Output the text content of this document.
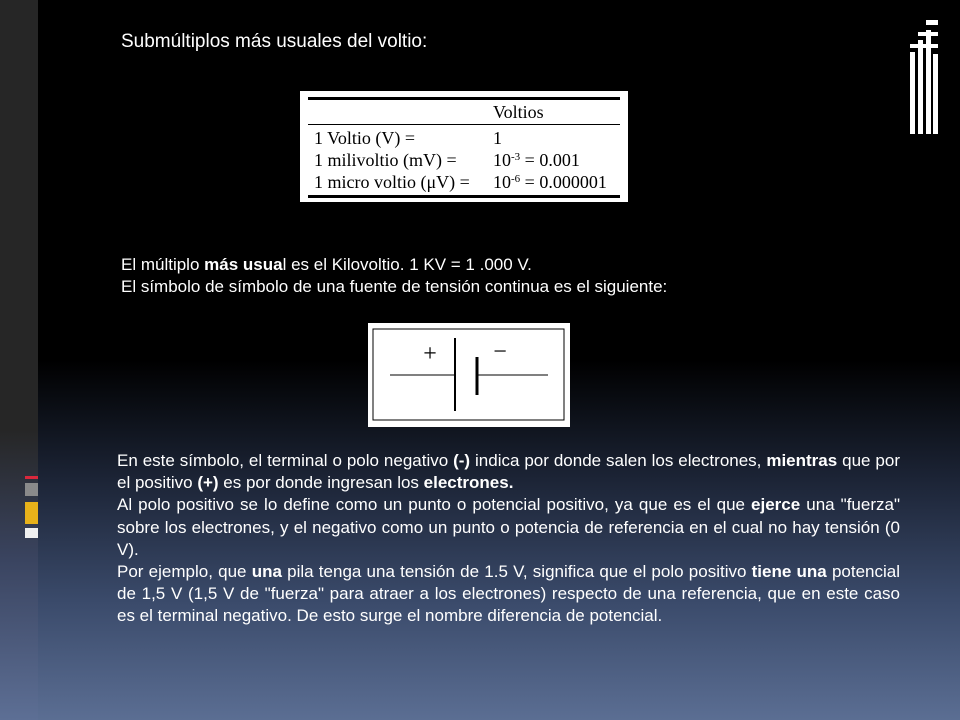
Submúltiplos más usuales del voltio:
Voltios
1 Voltio (V) =	1
1 milivoltio $(mV) = 10^{-3} = 0.001$
1 micro voltio $(\mu V) = 10^{-6} = 0.000001$
El múltiplo más usual es el Kilovoltio. 1 KV = 1 .000 V.
El símbolo de símbolo de una fuente de tensión continua es el siguiente:
+ −

En este símbolo, el terminal o polo negativo (-) indica por donde salen los electrones, mientras que por el positivo (+) es por donde ingresan los electrones.

Al polo positivo se lo define como un punto o potencial positivo, ya que es el que ejerce una "fuerza" sobre los electrones, y el negativo como un punto o potencia de referencia en el cual no hay tensión (0 V).

Por ejemplo, que una pila tenga una tensión de 1.5 V, significa que el polo positivo tiene una potencial de 1,5 V (1,5 V de "fuerza" para atraer a los electrones) respecto de una referencia, que en este caso es el terminal negativo. De esto surge el nombre diferencia de potencial.
